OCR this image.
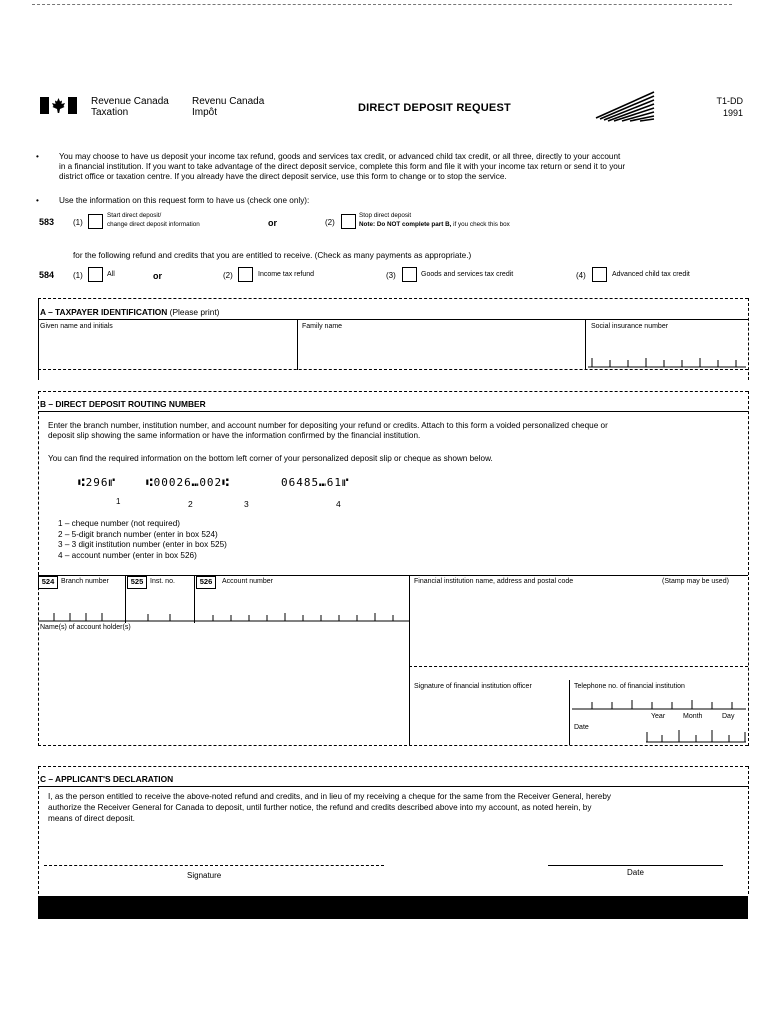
Revenue Canada
Taxation
Revenu Canada
Impôt	DIRECT DEPOSIT REQUEST
T1-DD
1991
• You may choose to have us deposit your income tax refund, goods and services tax credit, or advanced child tax credit, or all three, directly to your account
in a financial institution. If you want to take advantage of the direct deposit service, complete this form and file it with your income tax return or send it to your
district office or taxation centre. If you already have the direct deposit service, use this form to change or to stop the service.
• Use the information on this request form to have us (check one only):
583 (1)
Start direct deposit/
change direct deposit information	or	(2)
Stop direct deposit
Note: Do NOT complete part B, if you check this box
for the following refund and credits that you are entitled to receive. (Check as many payments as appropriate.)
584 (1)	All	or	(2)	Income tax refund	(3)	Goods and services tax credit	(4)	Advanced child tax credit
A – TAXPAYER IDENTIFICATION (Please print)
Given name and initials	Family name	Social insurance number
B – DIRECT DEPOSIT ROUTING NUMBER
Enter the branch number, institution number, and account number for depositing your refund or credits. Attach to this form a voided personalized cheque or
deposit slip showing the same information or have the information confirmed by the financial institution.
You can find the required information on the bottom left corner of your personalized deposit slip or cheque as shown below.
⑆296⑈	⑆00026⑉002⑆	06485⑉61⑈
1	2	3	4
1 – cheque number (not required)
2 – 5-digit branch number (enter in box 524)
3 – 3 digit institution number (enter in box 525)
4 – account number (enter in box 526)
524 Branch number	525 Inst. no.	526	Account number
Name(s) of account holder(s)
Financial institution name, address and postal code	(Stamp may be used)
Signature of financial institution officer	Telephone no. of financial institution
Year	Month	Day
Date
C – APPLICANT'S DECLARATION
I, as the person entitled to receive the above-noted refund and credits, and in lieu of my receiving a cheque for the same from the Receiver General, hereby
authorize the Receiver General for Canada to deposit, until further notice, the refund and credits described above into my account, as noted herein, by
means of direct deposit.
Signature	Date
